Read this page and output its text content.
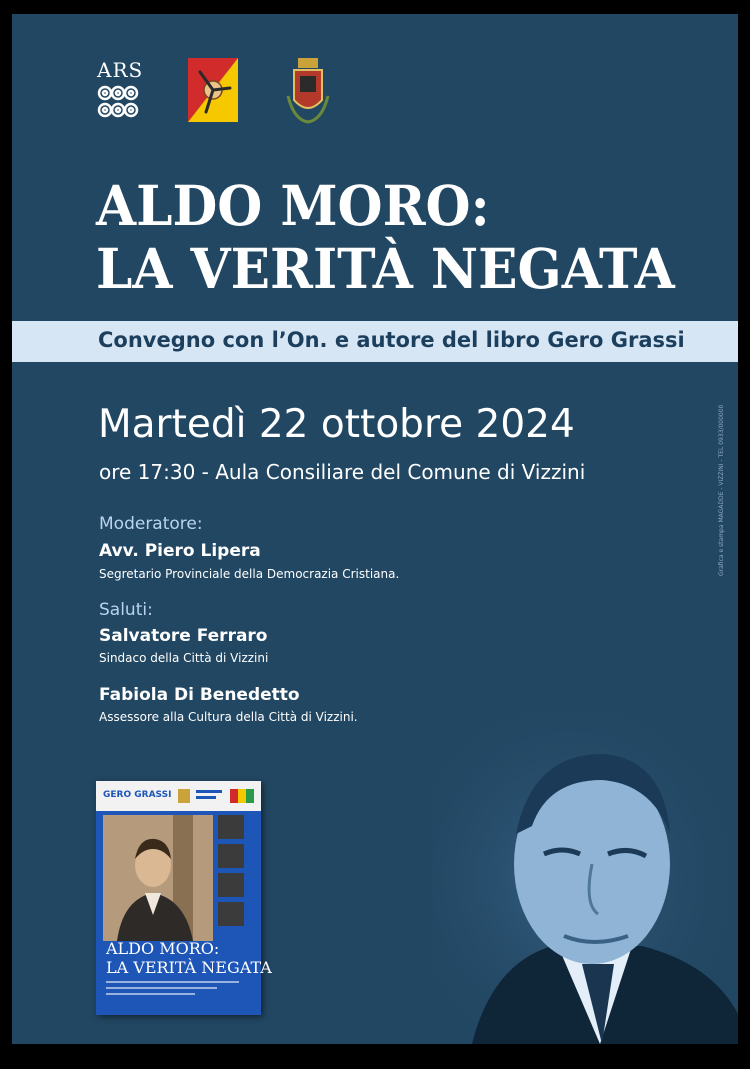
ARS
ALDO MORO:
LA VERITÀ NEGATA
Convegno con l’On. e autore del libro Gero Grassi
Martedì 22 ottobre 2024
ore 17:30 - Aula Consiliare del Comune di Vizzini
Moderatore:
Avv. Piero Lipera
Segretario Provinciale della Democrazia Cristiana.
Saluti:
Salvatore Ferraro
Sindaco della Città di Vizzini
Fabiola Di Benedetto
Assessore alla Cultura della Città di Vizzini.
Grafica e stampa MAGADDE - VIZZINI - TEL 0933/000000
GERO GRASSI
ALDO MORO:
LA VERITÀ NEGATA
